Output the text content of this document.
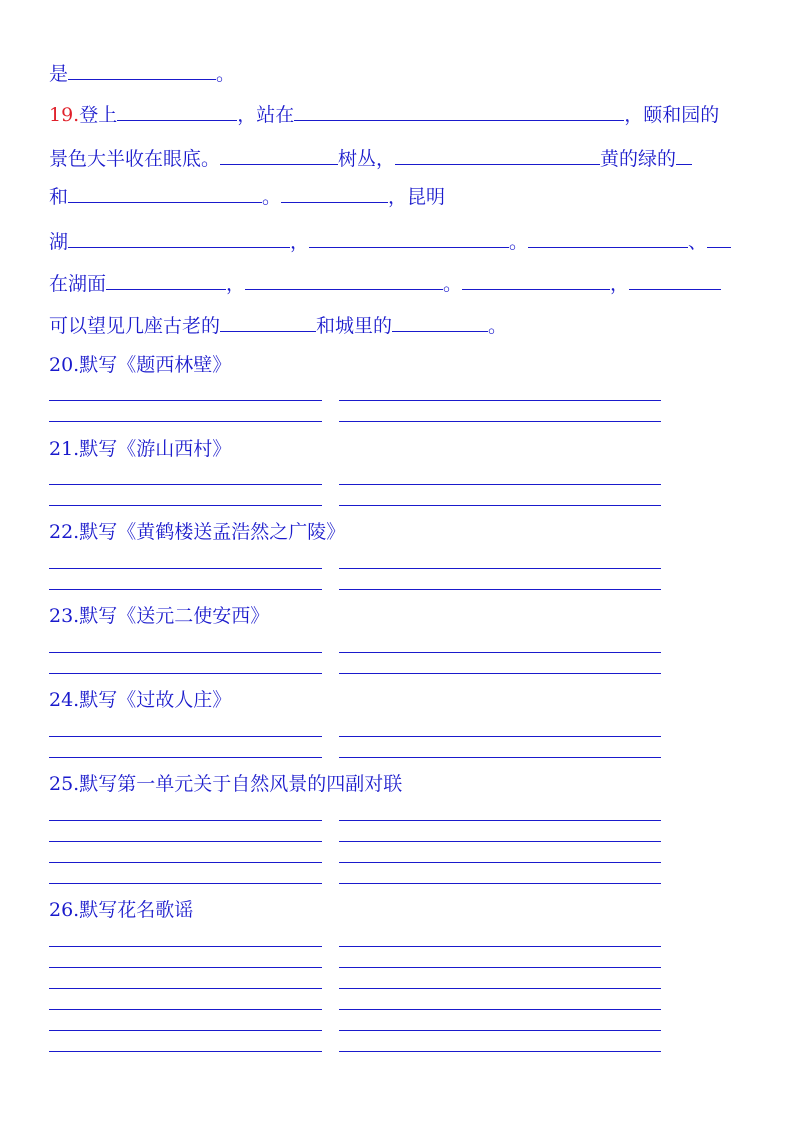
是	。
19.登上	，站在	，颐和园的
景色大半收在眼底。	树丛，	黄的绿的
和	。	，昆明
湖	，	。	、
在湖面	，	。	，
可以望见几座古老的	和城里的	。
20.默写《题西林壁》
21.默写《游山西村》
22.默写《黄鹤楼送孟浩然之广陵》
23.默写《送元二使安西》
24.默写《过故人庄》
25.默写第一单元关于自然风景的四副对联
26.默写花名歌谣
